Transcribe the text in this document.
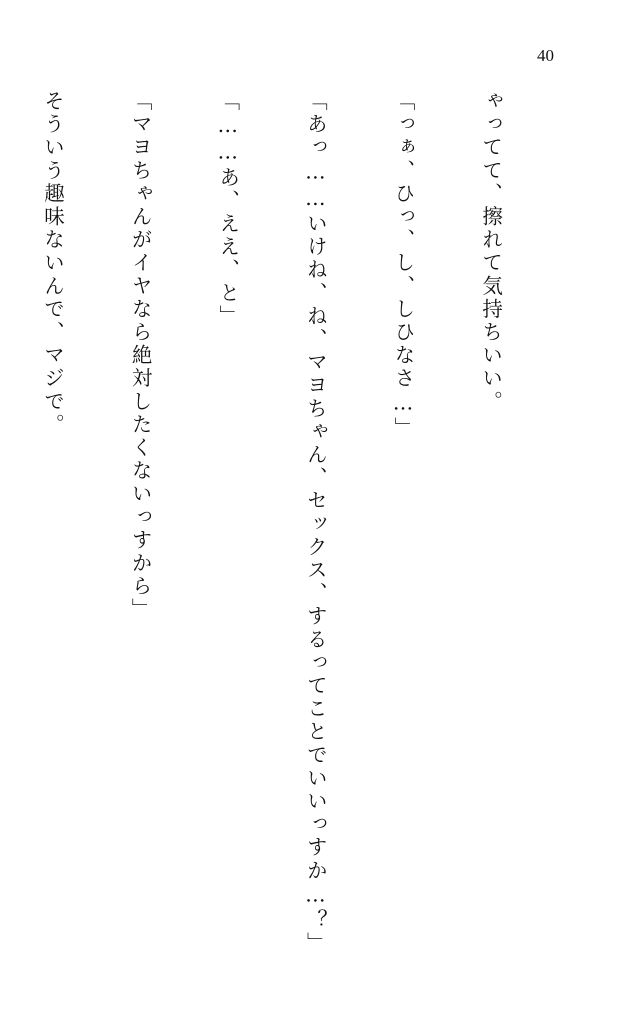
40

ゃってて、擦れて気持ちいい。

「っぁ、ひっ、し、しひなさ…」

「あっ……いけね、ね、マヨちゃん、セックス、するってことでいいっすか…？」

「……あ、ええ、と」

「マヨちゃんがイヤなら絶対したくないっすから」

そういう趣味ないんで、マジで。
